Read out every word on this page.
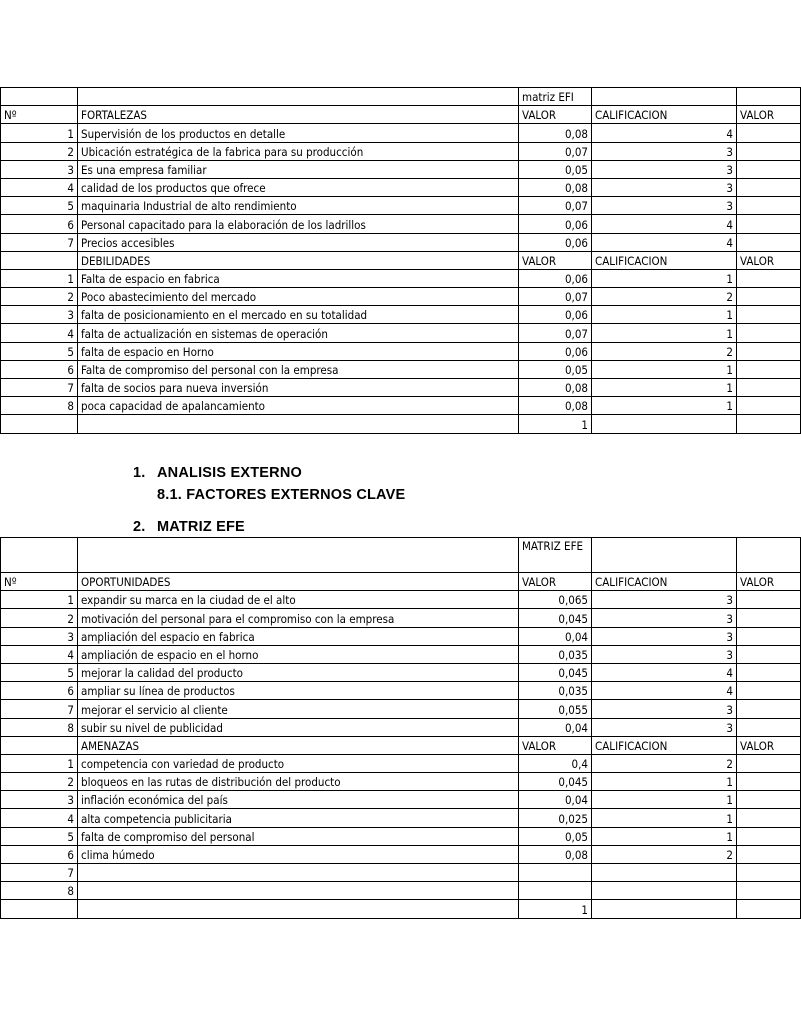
		matriz EFI		
Nº	FORTALEZAS	VALOR	CALIFICACION	VALOR
1	Supervisión de los productos en detalle	0,08	4	
2	Ubicación estratégica de la fabrica para su producción	0,07	3	
3	Es una empresa familiar	0,05	3	
4	calidad de los productos que ofrece	0,08	3	
5	maquinaria Industrial de alto rendimiento	0,07	3	
6	Personal capacitado para la elaboración de los ladrillos	0,06	4	
7	Precios accesibles	0,06	4	
	DEBILIDADES	VALOR	CALIFICACION	VALOR
1	Falta de espacio en fabrica	0,06	1	
2	Poco abastecimiento del mercado	0,07	2	
3	falta de posicionamiento en el mercado en su totalidad	0,06	1	
4	falta de actualización en sistemas de operación	0,07	1	
5	falta de espacio en Horno	0,06	2	
6	Falta de compromiso del personal con la empresa	0,05	1	
7	falta de socios para nueva inversión	0,08	1	
8	poca capacidad de apalancamiento	0,08	1	
		1		
1. ANALISIS EXTERNO
8.1. FACTORES EXTERNOS CLAVE
2. MATRIZ EFE
		MATRIZ EFE		
Nº	OPORTUNIDADES	VALOR	CALIFICACION	VALOR
1	expandir su marca en la ciudad de el alto	0,065	3	
2	motivación del personal para el compromiso con la empresa	0,045	3	
3	ampliación del espacio en fabrica	0,04	3	
4	ampliación de espacio en el horno	0,035	3	
5	mejorar la calidad del producto	0,045	4	
6	ampliar su línea de productos	0,035	4	
7	mejorar el servicio al cliente	0,055	3	
8	subir su nivel de publicidad	0,04	3	
	AMENAZAS	VALOR	CALIFICACION	VALOR
1	competencia con variedad de producto	0,4	2	
2	bloqueos en las rutas de distribución del producto	0,045	1	
3	inflación económica del país	0,04	1	
4	alta competencia publicitaria	0,025	1	
5	falta de compromiso del personal	0,05	1	
6	clima húmedo	0,08	2	
7				
8				
		1		
